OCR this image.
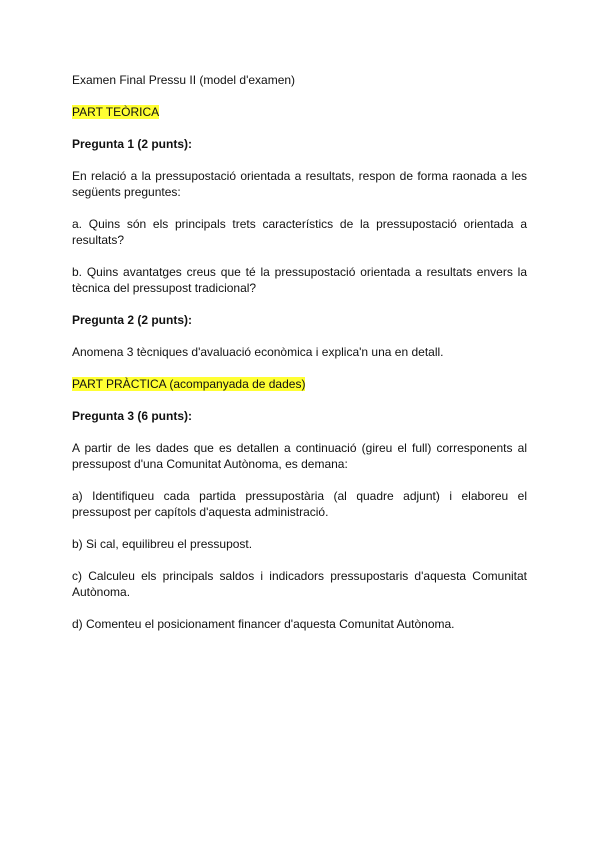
Examen Final Pressu II (model d'examen)

PART TEÒRICA

Pregunta 1 (2 punts):

En relació a la pressupostació orientada a resultats, respon de forma raonada a les següents preguntes:

a. Quins són els principals trets característics de la pressupostació orientada a resultats?

b. Quins avantatges creus que té la pressupostació orientada a resultats envers la tècnica del pressupost tradicional?

Pregunta 2 (2 punts):

Anomena 3 tècniques d'avaluació econòmica i explica'n una en detall.

PART PRÀCTICA (acompanyada de dades)

Pregunta 3 (6 punts):

A partir de les dades que es detallen a continuació (gireu el full) corresponents al pressupost d'una Comunitat Autònoma, es demana:

a) Identifiqueu cada partida pressupostària (al quadre adjunt) i elaboreu el pressupost per capítols d'aquesta administració.

b) Si cal, equilibreu el pressupost.

c) Calculeu els principals saldos i indicadors pressupostaris d'aquesta Comunitat Autònoma.

d) Comenteu el posicionament financer d'aquesta Comunitat Autònoma.
